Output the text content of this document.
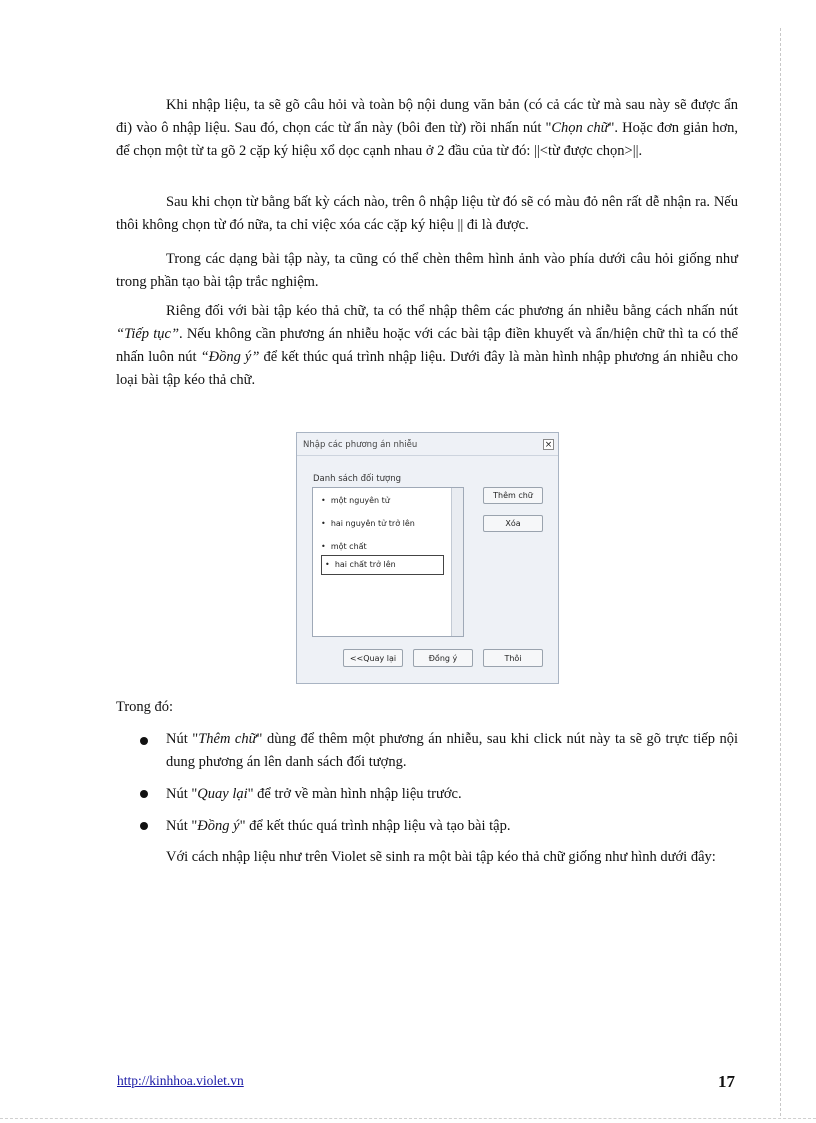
Khi nhập liệu, ta sẽ gõ câu hỏi và toàn bộ nội dung văn bản (có cả các từ mà sau này sẽ được ẩn đi) vào ô nhập liệu. Sau đó, chọn các từ ẩn này (bôi đen từ) rồi nhấn nút "Chọn chữ". Hoặc đơn giản hơn, để chọn một từ ta gõ 2 cặp ký hiệu xổ dọc cạnh nhau ở 2 đầu của từ đó: ||<từ được chọn>||.

Sau khi chọn từ bằng bất kỳ cách nào, trên ô nhập liệu từ đó sẽ có màu đỏ nên rất dễ nhận ra. Nếu thôi không chọn từ đó nữa, ta chỉ việc xóa các cặp ký hiệu || đi là được.

Trong các dạng bài tập này, ta cũng có thể chèn thêm hình ảnh vào phía dưới câu hỏi giống như trong phần tạo bài tập trắc nghiệm.

Riêng đối với bài tập kéo thả chữ, ta có thể nhập thêm các phương án nhiễu bằng cách nhấn nút “Tiếp tục”. Nếu không cần phương án nhiễu hoặc với các bài tập điền khuyết và ẩn/hiện chữ thì ta có thể nhấn luôn nút “Đồng ý” để kết thúc quá trình nhập liệu. Dưới đây là màn hình nhập phương án nhiễu cho loại bài tập kéo thả chữ.

Nhập các phương án nhiễu	×
Danh sách đối tượng
• một nguyên tử
• hai nguyên tử trở lên
• một chất
• hai chất trở lên
Thêm chữ
Xóa
<<Quay lại	Đồng ý	Thôi
Trong đó:
Nút "Thêm chữ" dùng để thêm một phương án nhiễu, sau khi click nút này ta sẽ gõ trực tiếp nội dung phương án lên danh sách đối tượng.
Nút "Quay lại" để trở về màn hình nhập liệu trước.
Nút "Đồng ý" để kết thúc quá trình nhập liệu và tạo bài tập.

Với cách nhập liệu như trên Violet sẽ sinh ra một bài tập kéo thả chữ giống như hình dưới đây:

http://kinhhoa.violet.vn	17
